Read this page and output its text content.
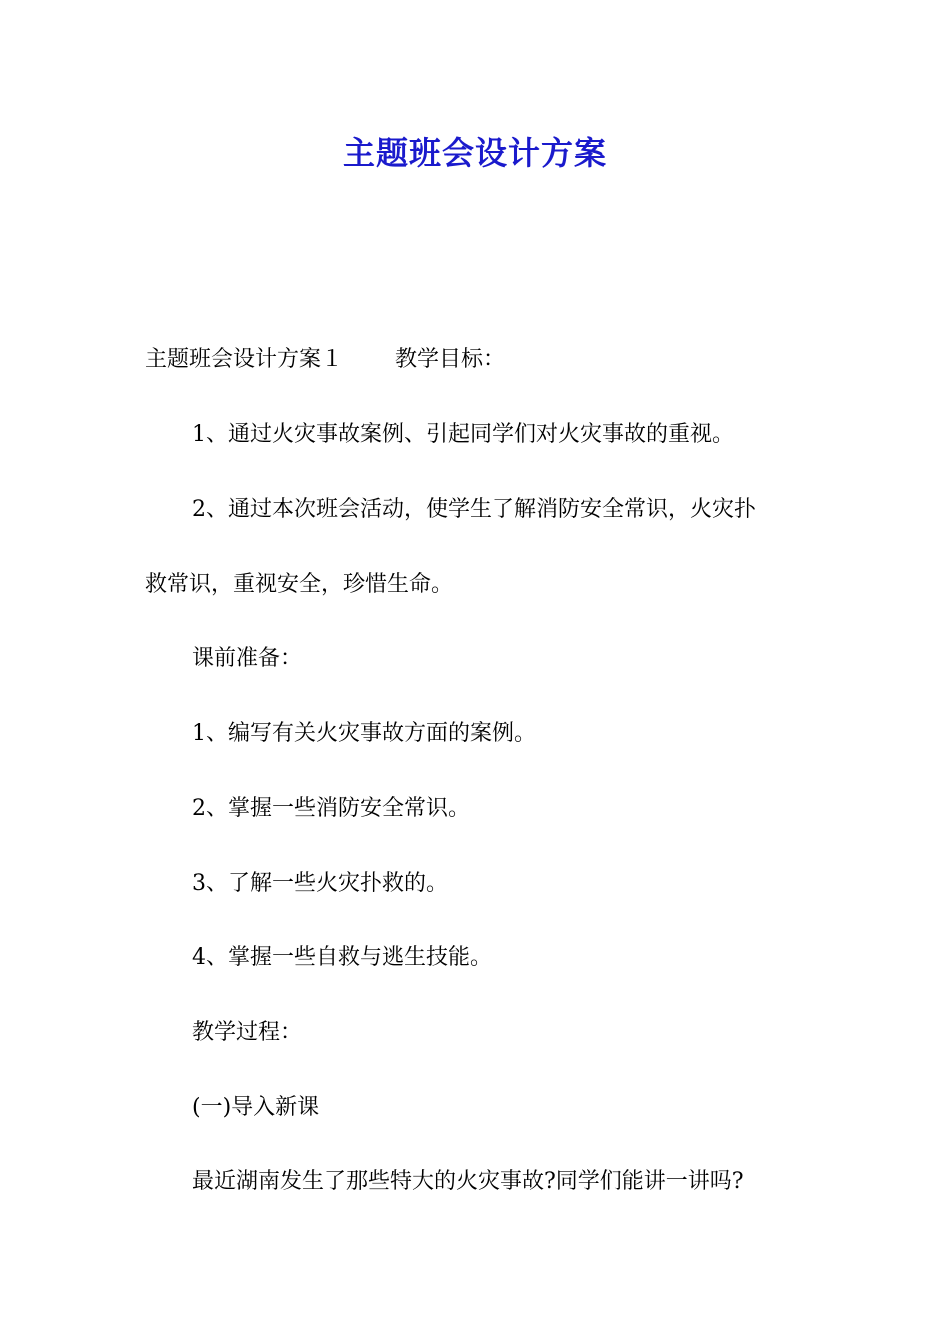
主题班会设计方案

主题班会设计方案１ 教学目标：

1、通过火灾事故案例、引起同学们对火灾事故的重视。

2、通过本次班会活动，使学生了解消防安全常识，火灾扑

救常识，重视安全，珍惜生命。

课前准备：

1、编写有关火灾事故方面的案例。

2、掌握一些消防安全常识。

3、了解一些火灾扑救的。

4、掌握一些自救与逃生技能。

教学过程：

(一)导入新课

最近湖南发生了那些特大的火灾事故?同学们能讲一讲吗?
